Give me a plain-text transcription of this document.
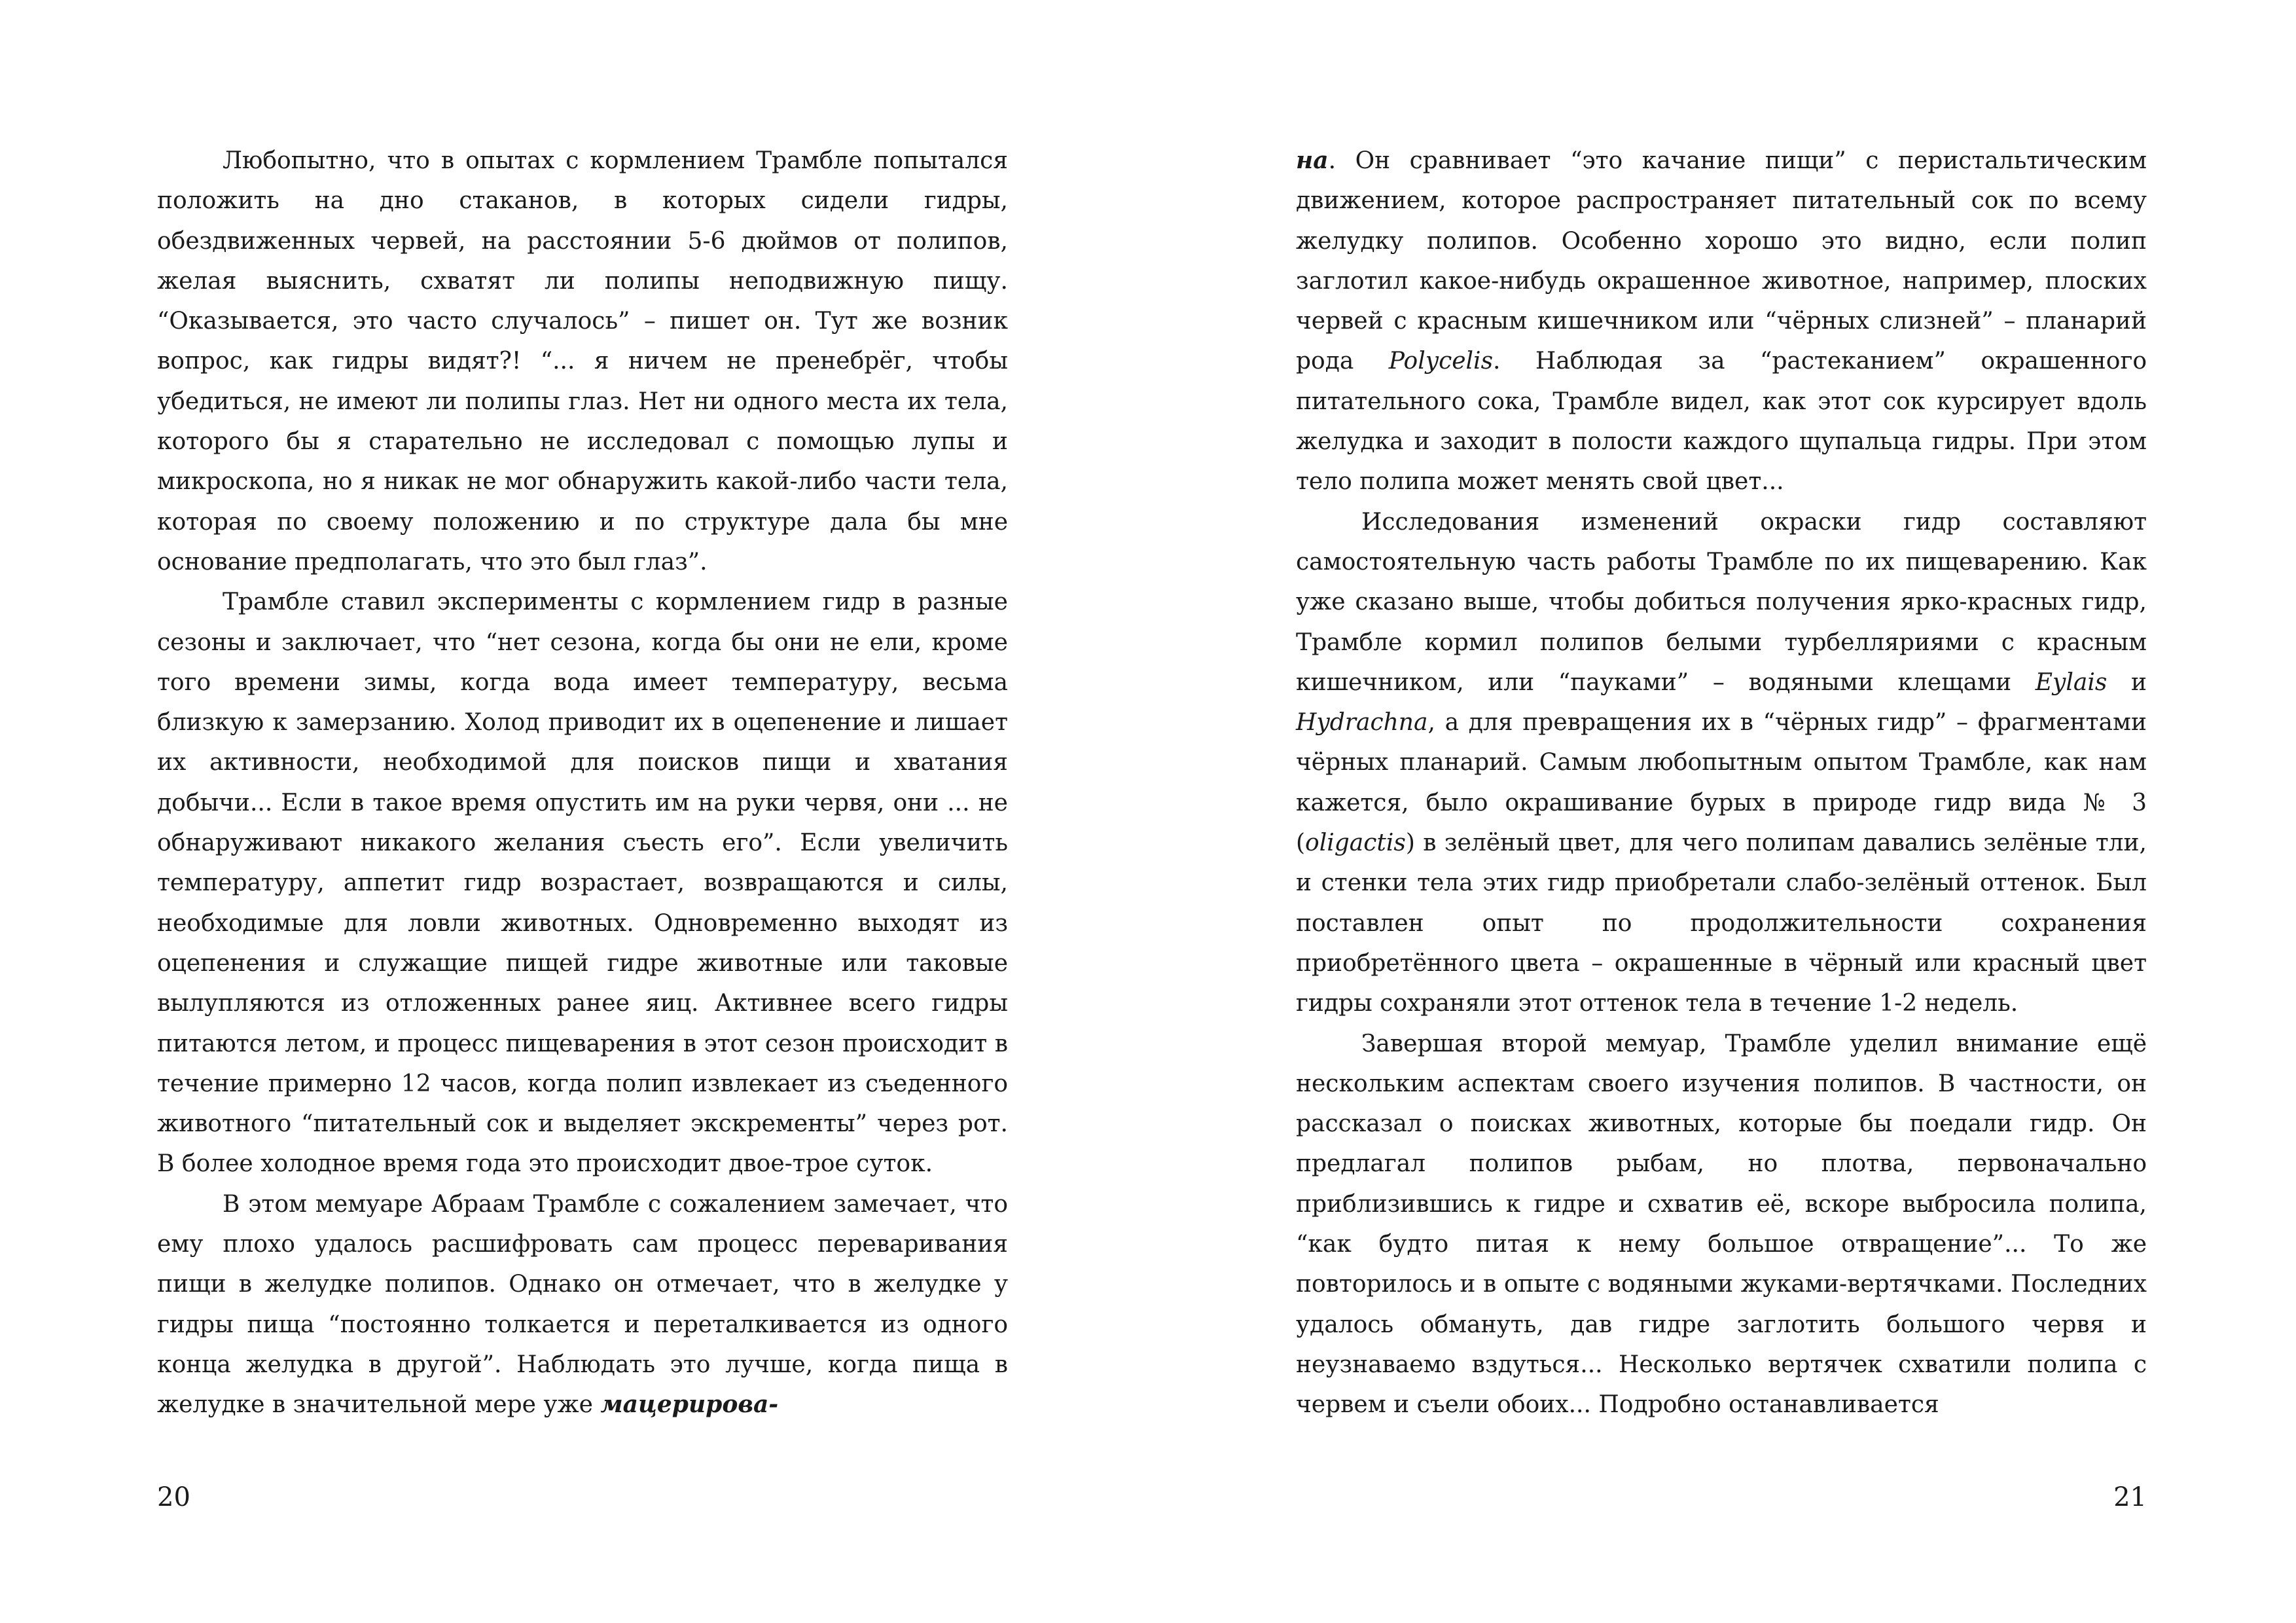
Любопытно, что в опытах с кормлением Трамбле попытался положить на дно стаканов, в которых сидели гидры, обездвиженных червей, на расстоянии 5-6 дюймов от полипов, желая выяснить, схватят ли полипы неподвижную пищу. “Оказывается, это часто случалось” – пишет он. Тут же возник вопрос, как гидры видят?! “... я ничем не пренебрёг, чтобы убедиться, не имеют ли полипы глаз. Нет ни одного места их тела, которого бы я старательно не исследовал с помощью лупы и микроскопа, но я никак не мог обнаружить какой-либо части тела, которая по своему положению и по структуре дала бы мне основание предполагать, что это был глаз”.

Трамбле ставил эксперименты с кормлением гидр в разные сезоны и заключает, что “нет сезона, когда бы они не ели, кроме того времени зимы, когда вода имеет температуру, весьма близкую к замерзанию. Холод приводит их в оцепенение и лишает их активности, необходимой для поисков пищи и хватания добычи... Если в такое время опустить им на руки червя, они ... не обнаруживают никакого желания съесть его”. Если увеличить температуру, аппетит гидр возрастает, возвращаются и силы, необходимые для ловли животных. Одновременно выходят из оцепенения и служащие пищей гидре животные или таковые вылупляются из отложенных ранее яиц. Активнее всего гидры питаются летом, и процесс пищеварения в этот сезон происходит в течение примерно 12 часов, когда полип извлекает из съеденного животного “питательный сок и выделяет экскременты” через рот. В более холодное время года это происходит двое-трое суток.

В этом мемуаре Абраам Трамбле с сожалением замечает, что ему плохо удалось расшифровать сам процесс переваривания пищи в желудке полипов. Однако он отмечает, что в желудке у гидры пища “постоянно толкается и переталкивается из одного конца желудка в другой”. Наблюдать это лучше, когда пища в желудке в значительной мере уже мацерирова-

20

на. Он сравнивает “это качание пищи” с перистальтическим движением, которое распространяет питательный сок по всему желудку полипов. Особенно хорошо это видно, если полип заглотил какое-нибудь окрашенное животное, например, плоских червей с красным кишечником или “чёрных слизней” – планарий рода Polycelis. Наблюдая за “растеканием” окрашенного питательного сока, Трамбле видел, как этот сок курсирует вдоль желудка и заходит в полости каждого щупальца гидры. При этом тело полипа может менять свой цвет...

Исследования изменений окраски гидр составляют самостоятельную часть работы Трамбле по их пищеварению. Как уже сказано выше, чтобы добиться получения ярко-красных гидр, Трамбле кормил полипов белыми турбелляриями с красным кишечником, или “пауками” – водяными клещами Eylais и Hydrachna, а для превращения их в “чёрных гидр” – фрагментами чёрных планарий. Самым любопытным опытом Трамбле, как нам кажется, было окрашивание бурых в природе гидр вида № 3 (oligactis) в зелёный цвет, для чего полипам давались зелёные тли, и стенки тела этих гидр приобретали слабо-зелёный оттенок. Был поставлен опыт по продолжительности сохранения приобретённого цвета – окрашенные в чёрный или красный цвет гидры сохраняли этот оттенок тела в течение 1-2 недель.

Завершая второй мемуар, Трамбле уделил внимание ещё нескольким аспектам своего изучения полипов. В частности, он рассказал о поисках животных, которые бы поедали гидр. Он предлагал полипов рыбам, но плотва, первоначально приблизившись к гидре и схватив её, вскоре выбросила полипа, “как будто питая к нему большое отвращение”... То же повторилось и в опыте с водяными жуками-вертячками. Последних удалось обмануть, дав гидре заглотить большого червя и неузнаваемо вздуться... Несколько вертячек схватили полипа с червем и съели обоих... Подробно останавливается

21
